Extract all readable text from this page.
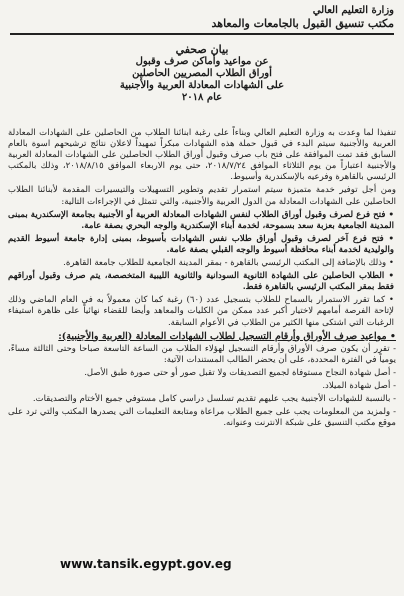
وزارة التعليم العالي
مكتب تنسيق القبول بالجامعات والمعاهد
بيان صحفي
عن مواعيد وأماكن صرف وقبول
أوراق الطلاب المصريين الحاصلين
على الشهادات المعادلة العربية والأجنبية
عام ٢٠١٨

تنفيذا لما وعدت به وزارة التعليم العالي وبناءاً على رغبة ابنائنا الطلاب من الحاصلين على الشهادات المعادلة العربية والأجنبية سيتم البدء في قبول حملة هذه الشهادات مبكراً تمهيداً لاعلان نتائج ترشيحهم اسوة بالعام السابق فقد تمت الموافقة على فتح باب صرف وقبول أوراق الطلاب الحاصلين على الشهادات المعادلة العربية والأجنبية اعتباراً من يوم الثلاثاء الموافق ٢٠١٨/٧/٢٤، حتى يوم الاربعاء الموافق ٢٠١٨/٨/١٥، وذلك بالمكتب الرئيسي بالقاهرة وفرعيه بالإسكندرية وأسيوط.

ومن أجل توفير خدمة متميزة سيتم استمرار تقديم وتطوير التسهيلات والتيسيرات المقدمة لأبنائنا الطلاب الحاصلين على الشهادات المعادلة من الدول العربية والأجنبية، والتي تتمثل في الإجراءات التالية:

• فتح فرع لصرف وقبول أوراق الطلاب لنفس الشهادات المعادلة العربية أو الأجنبية بجامعة الإسكندرية بمبنى المدينة الجامعية بعزبة سعد بسموحة، لخدمة أبناء الإسكندرية والوجه البحري بصفة عامة.

• فتح فرع آخر لصرف وقبول أوراق طلاب نفس الشهادات بأسيوط، بمبنى إدارة جامعة أسيوط القديم والوليدية لخدمة أبناء محافظة أسيوط والوجه القبلي بصفة عامة.

• وذلك بالإضافة إلى المكتب الرئيسي بالقاهرة - بمقر المدينة الجامعية للطلاب جامعة القاهرة.

• الطلاب الحاصلين على الشهادة الثانوية السودانية والثانوية الليبية المتخصصة، يتم صرف وقبول أوراقهم فقط بمقر المكتب الرئيسي بالقاهرة فقط.

• كما تقرر الاستمرار بالسماح للطلاب بتسجيل عدد (٦٠) رغبة كما كان معمولاً به في العام الماضي وذلك لإتاحة الفرصة أمامهم لاختيار أكبر عدد ممكن من الكليات والمعاهد وأيضا للقضاء نهائياً على ظاهرة استيفاء الرغبات التي اشتكى منها الكثير من الطلاب في الأعوام السابقة.

• مواعيد صرف الأوراق وأرقام التسجيل لطلاب الشهادات المعادلة (العربية والأجنبية):

- تقرر أن يكون صرف الأوراق وأرقام التسجيل لهؤلاء الطلاب من الساعة التاسعة صباحا وحتى الثالثة مساءً، يومياً في الفترة المحددة، على أن يحضر الطالب المستندات الآتية:

- أصل شهادة النجاح مستوفاة لجميع التصديقات ولا تقبل صور أو حتى صورة طبق الأصل.

- أصل شهادة الميلاد.

- بالنسبة للشهادات الأجنبية يجب عليهم تقديم تسلسل دراسي كامل مستوفي جميع الأختام والتصديقات.

- ولمزيد من المعلومات يجب على جميع الطلاب مراعاة ومتابعة التعليمات التي يصدرها المكتب والتي ترد على موقع مكتب التنسيق على شبكة الانترنت وعنوانه.

www.tansik.egypt.gov.eg
